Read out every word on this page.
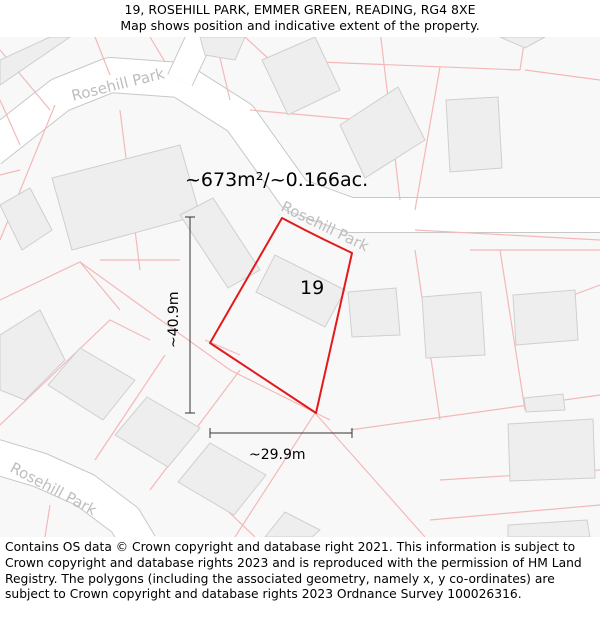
19, ROSEHILL PARK, EMMER GREEN, READING, RG4 8XE
Map shows position and indicative extent of the property.
Rosehill Park
Rosehill Park
Rosehill Park
~673m²/~0.166ac.
19
~40.9m
~29.9m
Contains OS data © Crown copyright and database right 2021. This information is subject to Crown copyright and database rights 2023 and is reproduced with the permission of HM Land Registry. The polygons (including the associated geometry, namely x, y co-ordinates) are subject to Crown copyright and database rights 2023 Ordnance Survey 100026316.
